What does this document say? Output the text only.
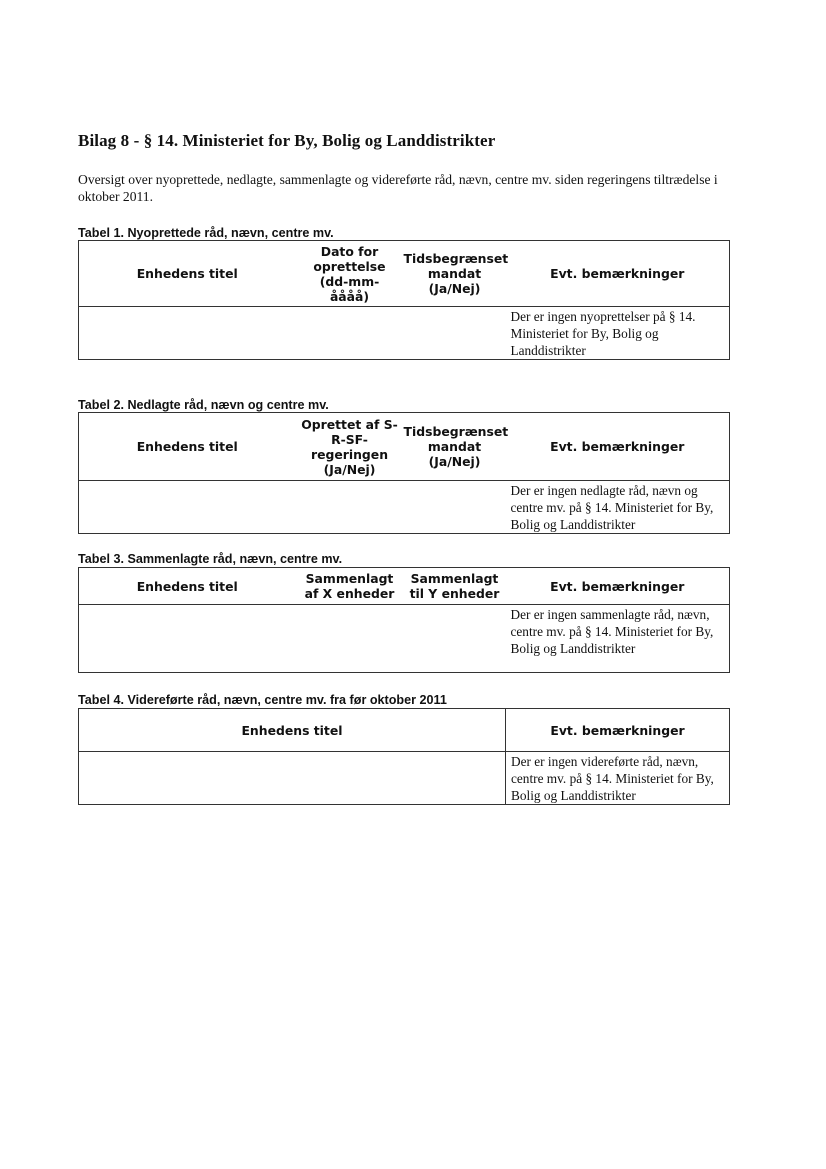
Bilag 8 - § 14. Ministeriet for By, Bolig og Landdistrikter

Oversigt over nyoprettede, nedlagte, sammenlagte og videreførte råd, nævn, centre mv. siden regeringens tiltrædelse i oktober 2011.

Tabel 1. Nyoprettede råd, nævn, centre mv.

Enhedens titel	Dato for oprettelse (dd-mm-åååå)	Tidsbegrænset mandat (Ja/Nej)	Evt. bemærkninger
			Der er ingen nyoprettelser på § 14. Ministeriet for By, Bolig og Landdistrikter

Tabel 2. Nedlagte råd, nævn og centre mv.

Enhedens titel	Oprettet af S-R-SF-regeringen (Ja/Nej)	Tidsbegrænset mandat (Ja/Nej)	Evt. bemærkninger
			Der er ingen nedlagte råd, nævn og centre mv. på § 14. Ministeriet for By, Bolig og Landdistrikter

Tabel 3. Sammenlagte råd, nævn, centre mv.

Enhedens titel	Sammenlagt af X enheder	Sammenlagt til Y enheder	Evt. bemærkninger
			Der er ingen sammenlagte råd, nævn, centre mv. på § 14. Ministeriet for By, Bolig og Landdistrikter

Tabel 4. Videreførte råd, nævn, centre mv. fra før oktober 2011

Enhedens titel	Evt. bemærkninger
	Der er ingen videreførte råd, nævn, centre mv. på § 14. Ministeriet for By, Bolig og Landdistrikter
